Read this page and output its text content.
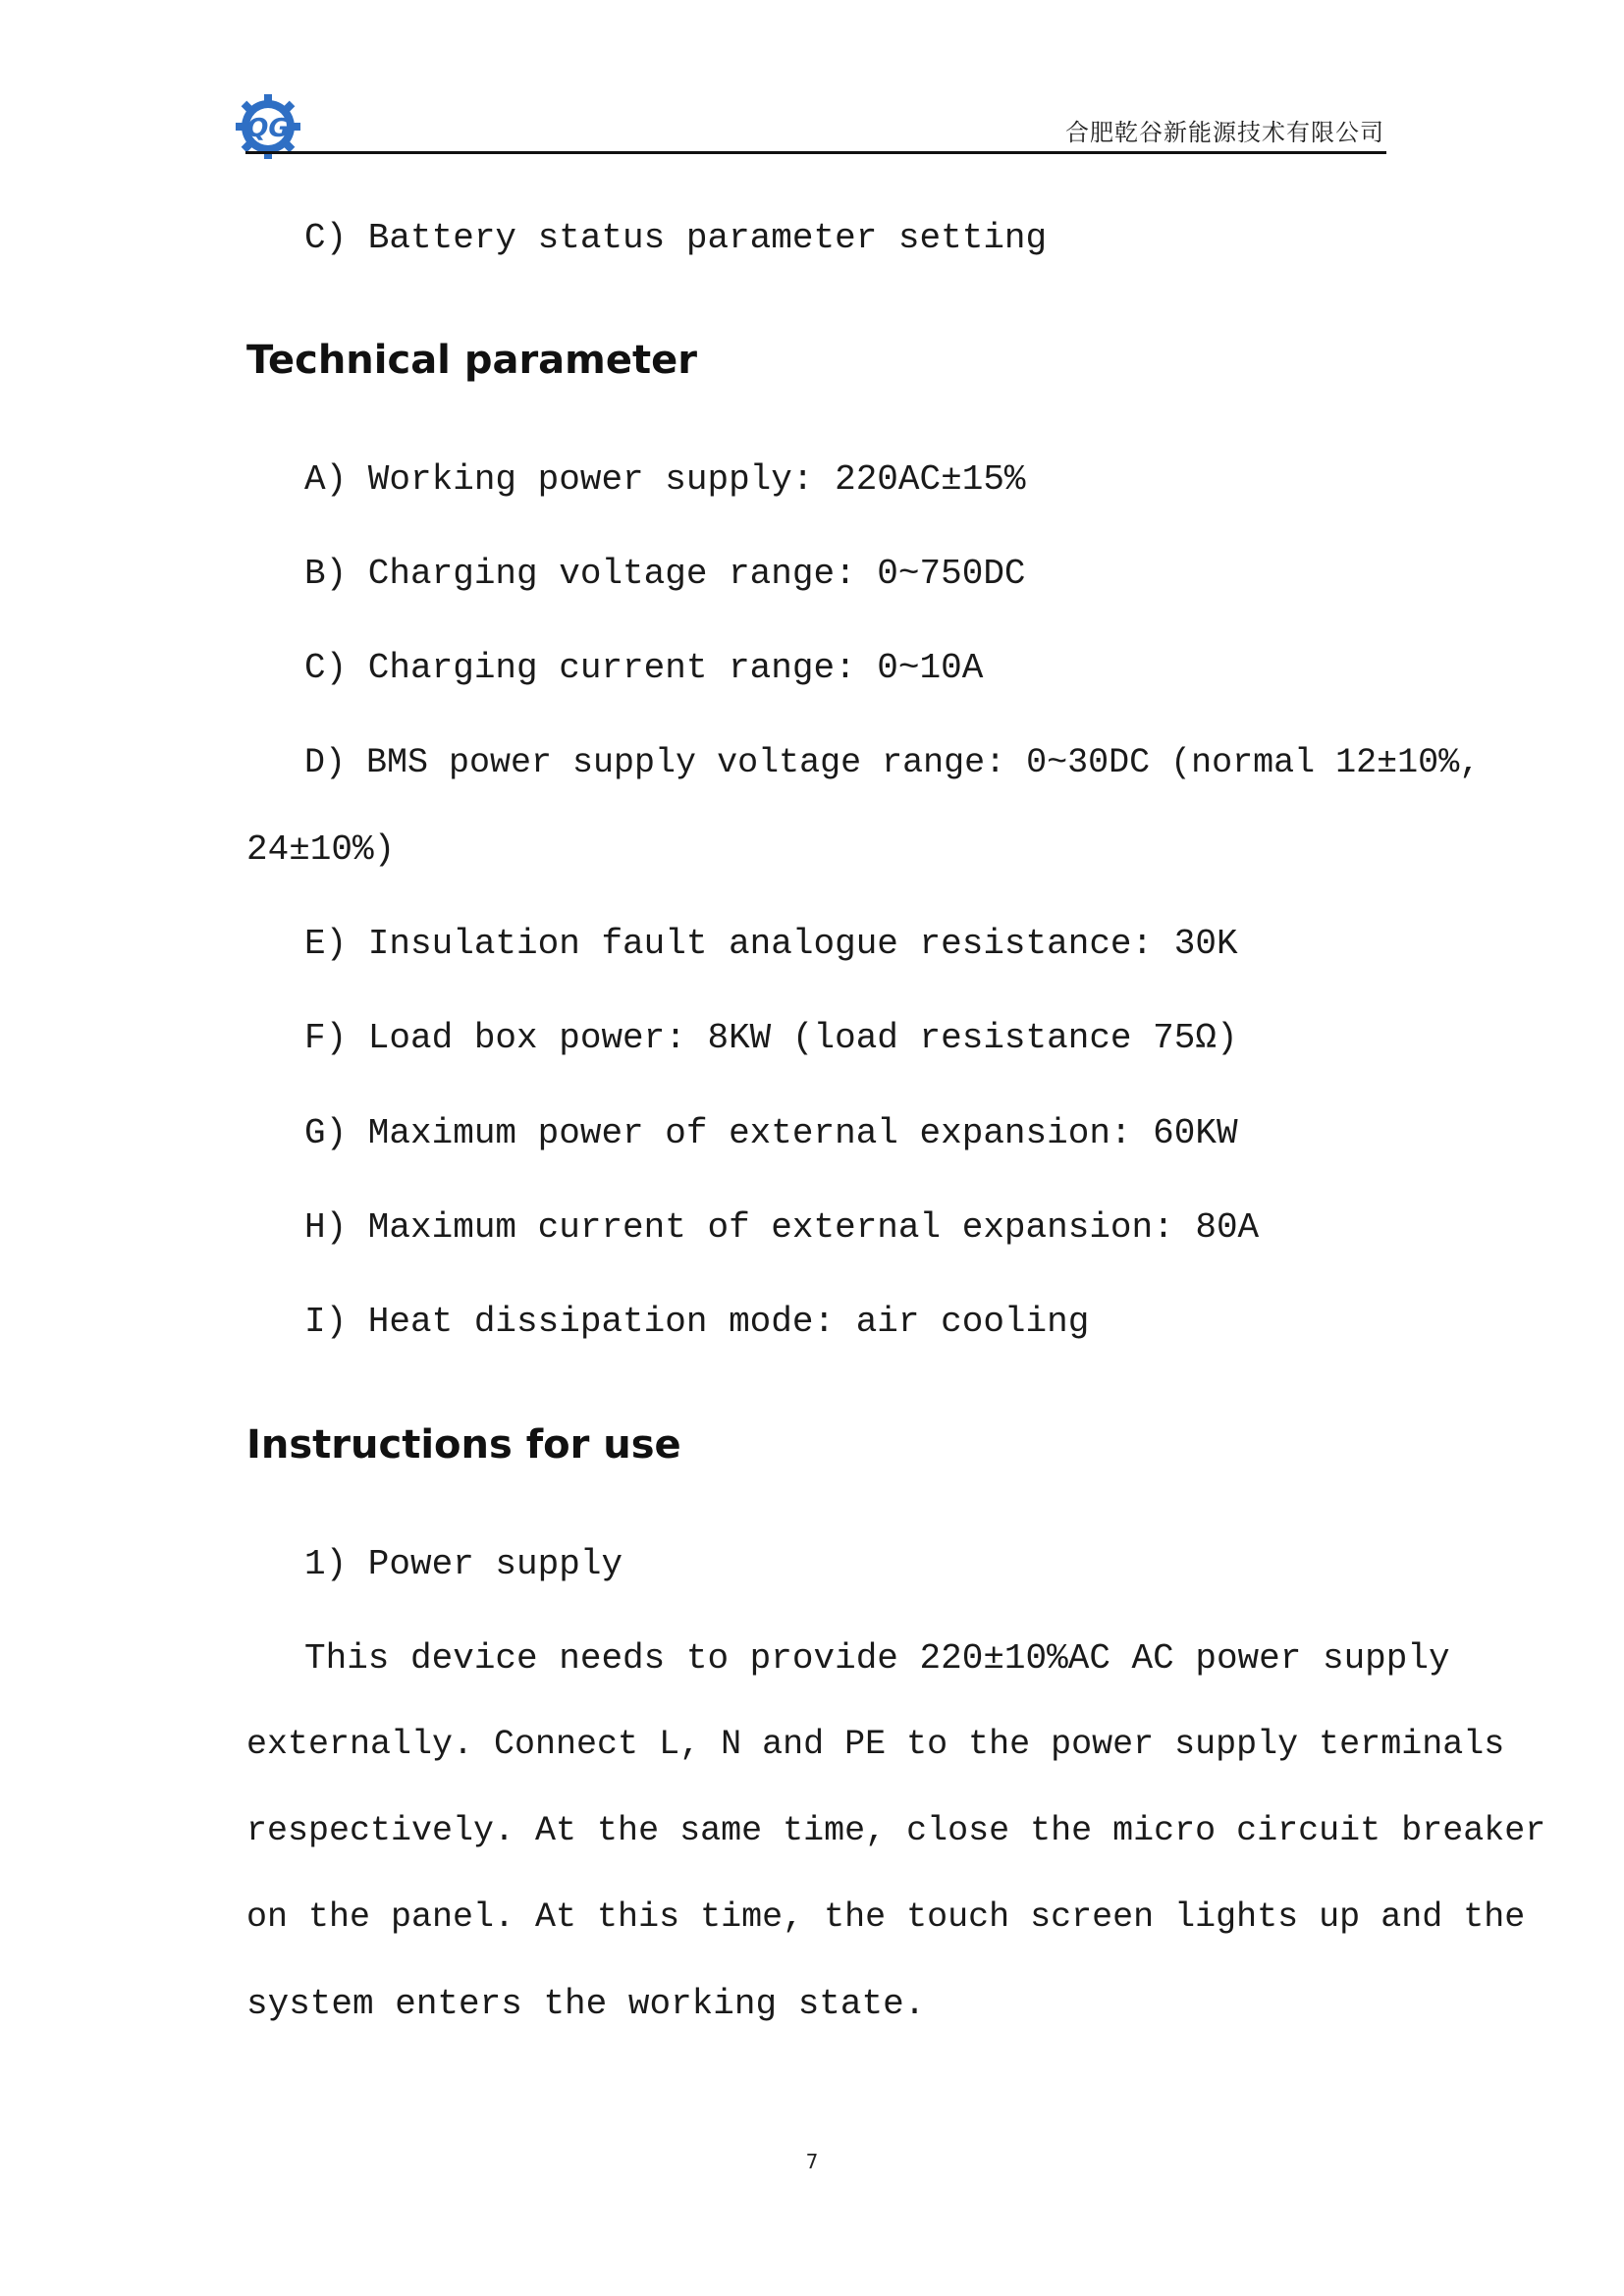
QG	合肥乾谷新能源技术有限公司
C) Battery status parameter setting
Technical parameter
A) Working power supply: 220AC±15%
B) Charging voltage range: 0~750DC
C) Charging current range: 0~10A
D) BMS power supply voltage range: 0~30DC (normal 12±10%,
24±10%)
E) Insulation fault analogue resistance: 30K
F) Load box power: 8KW (load resistance 75Ω)
G) Maximum power of external expansion: 60KW
H) Maximum current of external expansion: 80A
I) Heat dissipation mode: air cooling
Instructions for use
1) Power supply
This device needs to provide 220±10%AC AC power supply
externally. Connect L, N and PE to the power supply terminals
respectively. At the same time, close the micro circuit breaker
on the panel. At this time, the touch screen lights up and the
system enters the working state.
7
